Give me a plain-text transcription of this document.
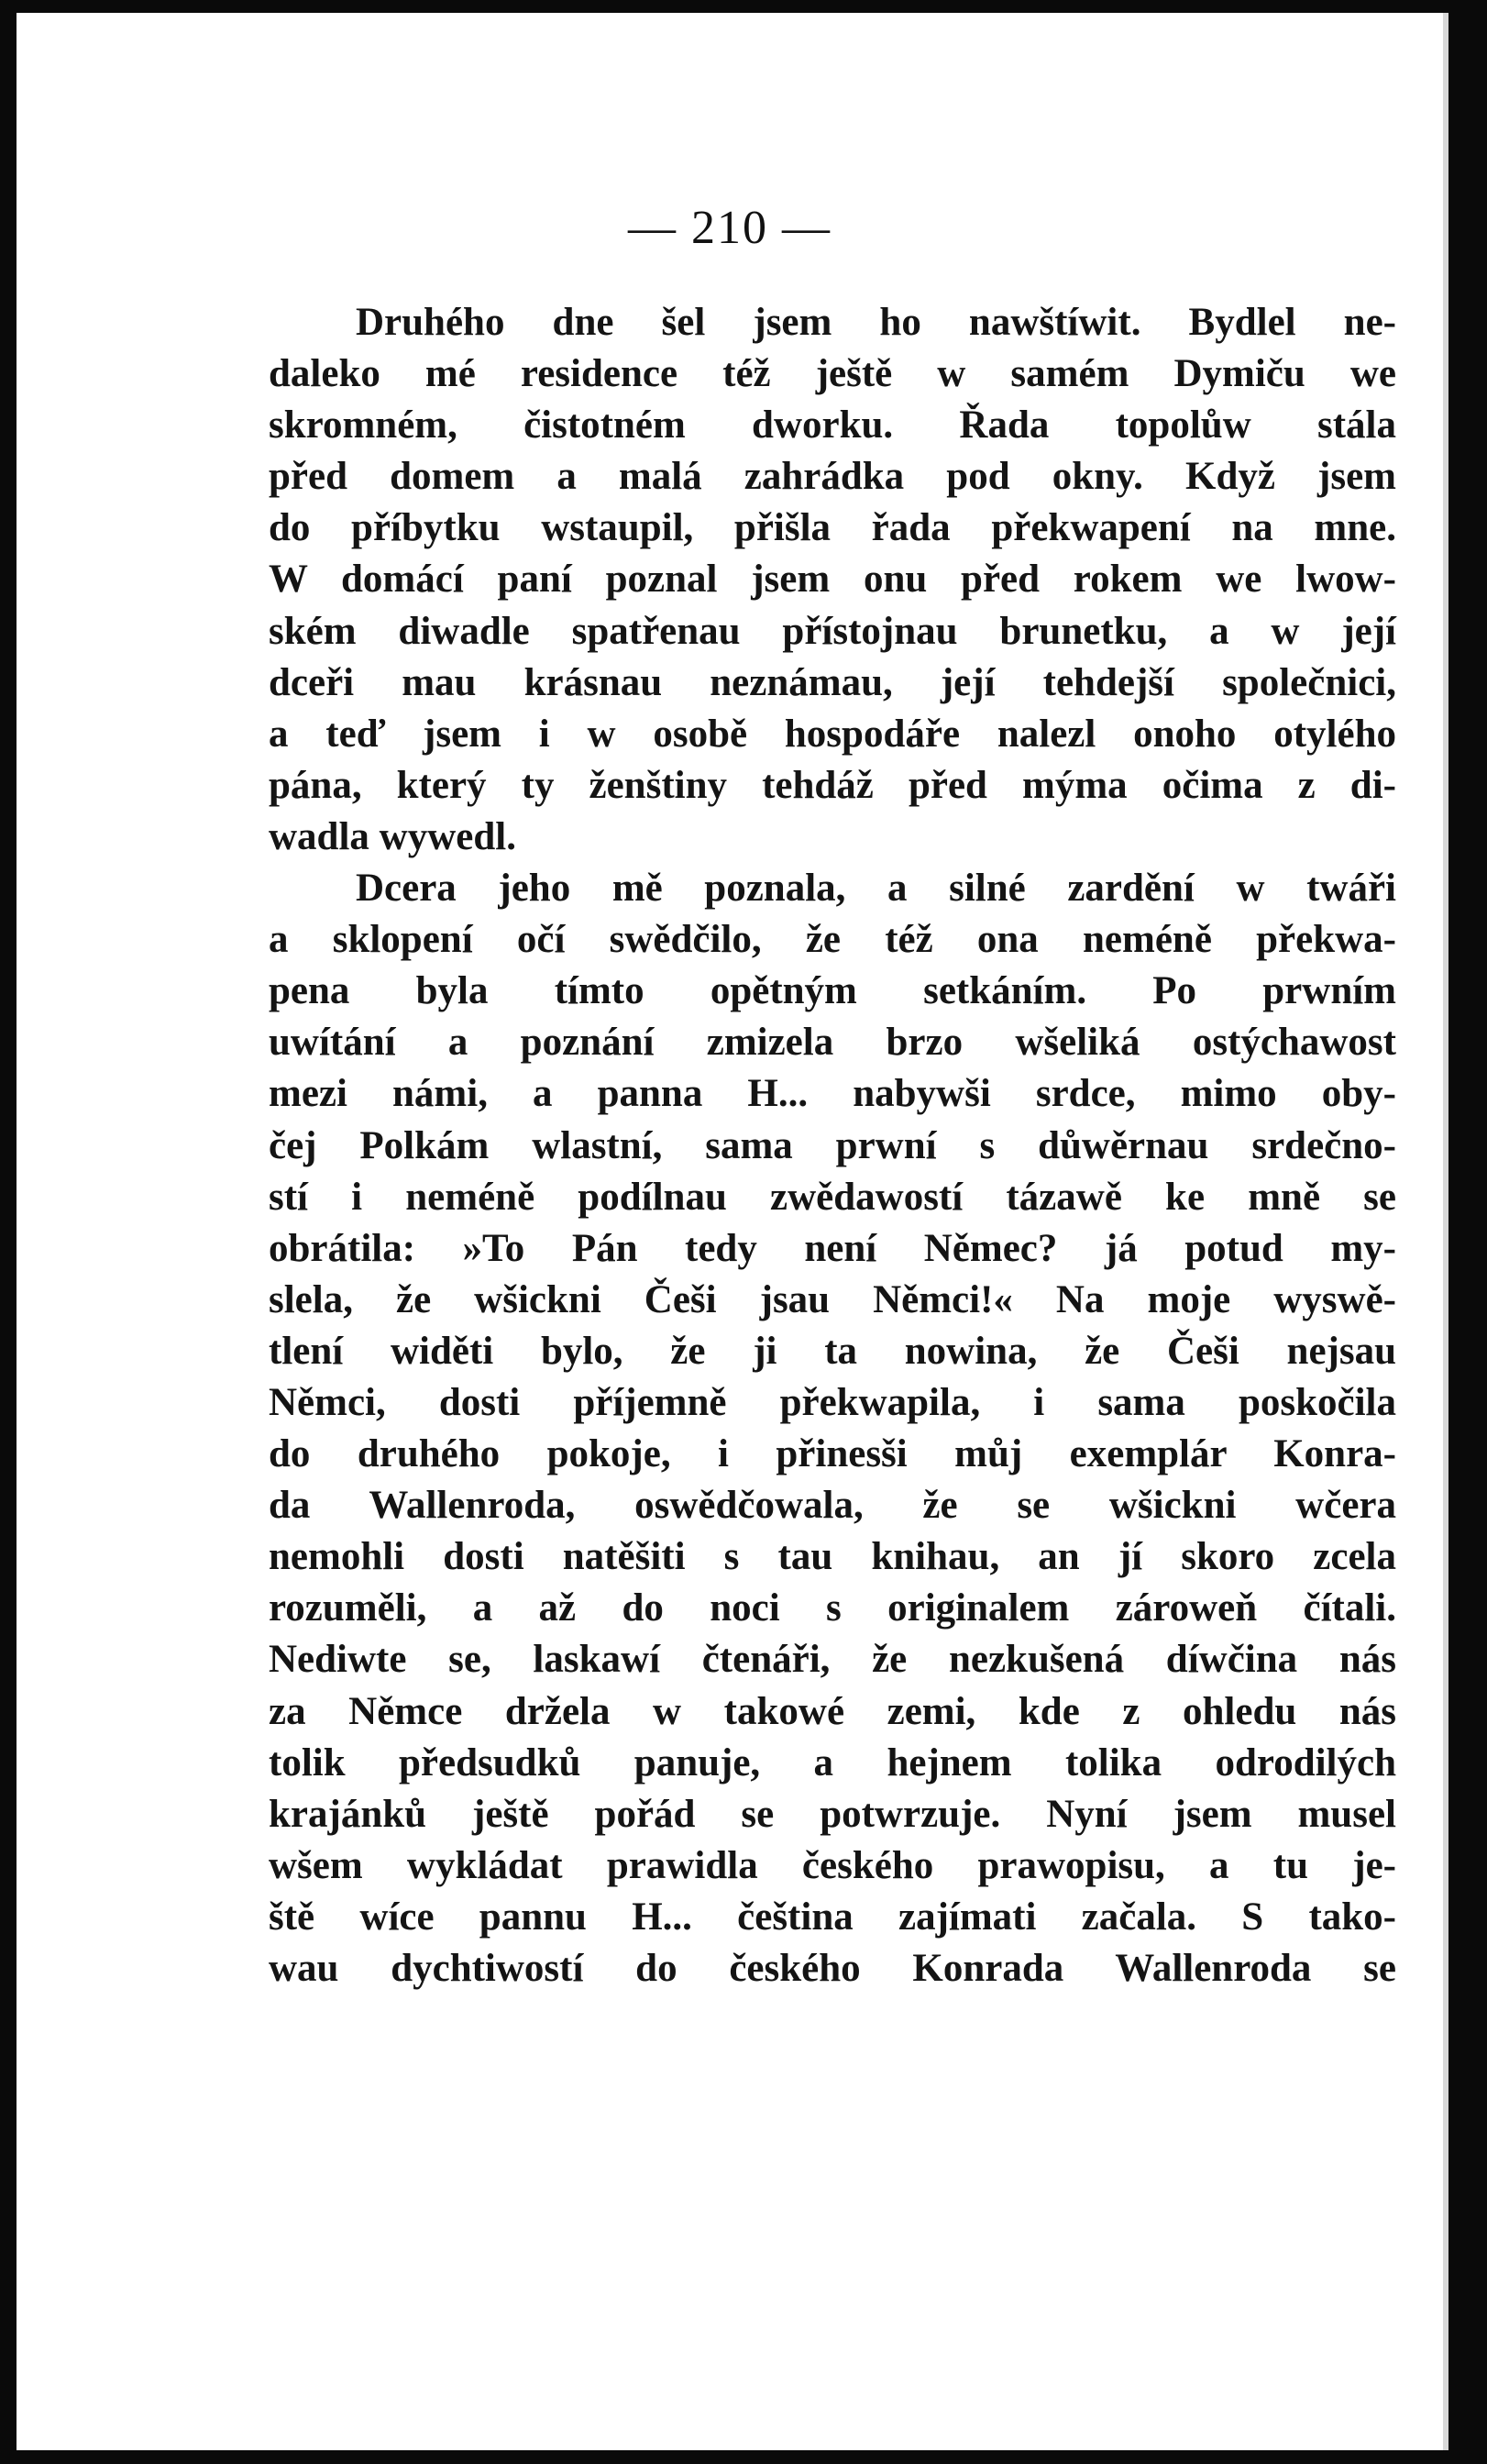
— 210 —
Druhého dne šel jsem ho nawštíwit. Bydlel ne-
daleko mé residence též ještě w samém Dymiču we
skromném, čistotném dworku. Řada topolůw stála
před domem a malá zahrádka pod okny. Když jsem
do příbytku wstaupil, přišla řada překwapení na mne.
W domácí paní poznal jsem onu před rokem we lwow-
ském diwadle spatřenau přístojnau brunetku, a w její
dceři mau krásnau neznámau, její tehdejší společnici,
a teď jsem i w osobě hospodáře nalezl onoho otylého
pána, který ty ženštiny tehdáž před mýma očima z di-
wadla wywedl.
Dcera jeho mě poznala, a silné zardění w twáři
a sklopení očí swědčilo, že též ona neméně překwa-
pena byla tímto opětným setkáním. Po prwním
uwítání a poznání zmizela brzo wšeliká ostýchawost
mezi námi, a panna H... nabywši srdce, mimo oby-
čej Polkám wlastní, sama prwní s důwěrnau srdečno-
stí i neméně podílnau zwědawostí tázawě ke mně se
obrátila: »To Pán tedy není Němec? já potud my-
slela, že wšickni Češi jsau Němci!« Na moje wyswě-
tlení widěti bylo, že ji ta nowina, že Češi nejsau
Němci, dosti příjemně překwapila, i sama poskočila
do druhého pokoje, i přinesši můj exemplár Konra-
da Wallenroda, oswědčowala, že se wšickni wčera
nemohli dosti natěšiti s tau knihau, an jí skoro zcela
rozuměli, a až do noci s originalem zároweň čítali.
Nediwte se, laskawí čtenáři, že nezkušená díwčina nás
za Němce držela w takowé zemi, kde z ohledu nás
tolik předsudků panuje, a hejnem tolika odrodilých
krajánků ještě pořád se potwrzuje. Nyní jsem musel
wšem wykládat prawidla českého prawopisu, a tu je-
ště wíce pannu H... čeština zajímati začala. S tako-
wau dychtiwostí do českého Konrada Wallenroda se
